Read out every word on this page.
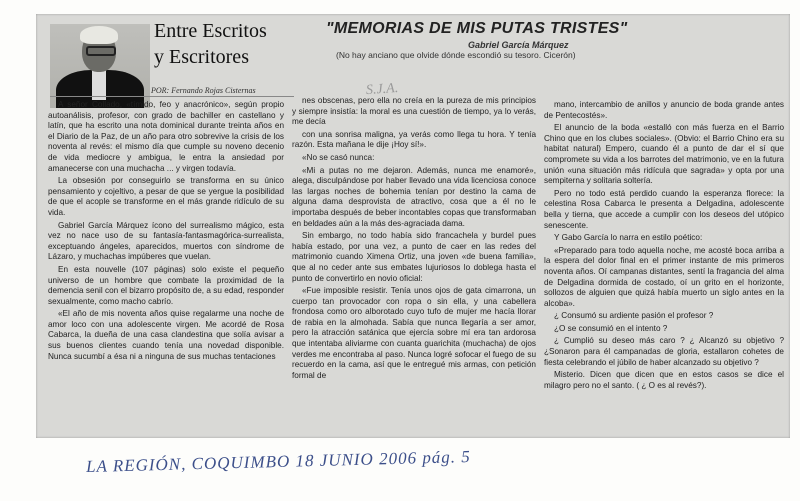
Entre Escritos
y Escritores
POR: Fernando Rojas Cisternas
"MEMORIAS DE MIS PUTAS TRISTES"
Gabriel García Márquez
(No hay anciano que olvide dónde escondió su tesoro. Cicerón)
S.J.A.

A señor Collado, «tímido, feo y anacrónico», según propio autoanálisis, profesor, con grado de bachiller en castellano y latín, que ha escrito una nota dominical durante treinta años en el Diario de la Paz, de un año para otro sobrevive la crisis de los noventa al revés: el mismo día que cumple su noveno decenio de vida mediocre y ambigua, le entra la ansiedad por amanecerse con una muchacha ... y virgen todavía.

La obsesión por conseguirlo se transforma en su único pensamiento y cojeltivo, a pesar de que se yergue la posibilidad de que el acople se transforme en el más grande ridículo de su vida.

Gabriel García Márquez ícono del surrealismo mágico, esta vez no nace uso de su fantasía-fantasmagórica-surrealista, exceptuando ángeles, aparecidos, muertos con síndrome de Lázaro, y muchachas impúberes que vuelan.

En esta nouvelle (107 páginas) solo existe el pequeño universo de un hombre que combate la proximidad de la demencia senil con el bizarro propósito de, a su edad, responder sexualmente, como macho cabrío.

«El año de mis noventa años quise regalarme una noche de amor loco con una adolescente virgen. Me acordé de Rosa Cabarca, la dueña de una casa clandestina que solía avisar a sus buenos clientes cuando tenía una novedad disponible. Nunca sucumbí a ésa ni a ninguna de sus muchas tentaciones

nes obscenas, pero ella no creía en la pureza de mis principios y siempre insistía: la moral es una cuestión de tiempo, ya lo verás, me decía

con una sonrisa maligna, ya verás como llega tu hora. Y tenía razón. Esta mañana le dije ¡Hoy sí!».

«No se casó nunca:

«Mi a putas no me dejaron. Además, nunca me enamoré», alega, disculpándose por haber llevado una vida licenciosa conoce las largas noches de bohemia tenían por destino la cama de alguna dama desprovista de atractivo, cosa que a él no le importaba después de beber incontables copas que transformaban en beldades aún a la más des-agraciada dama.

Sin embargo, no todo había sido francachela y burdel pues había estado, por una vez, a punto de caer en las redes del matrimonio cuando Ximena Ortiz, una joven «de buena familia», que al no ceder ante sus embates lujuriosos lo doblega hasta el punto de convertirlo en novio oficial:

«Fue imposible resistir. Tenía unos ojos de gata cimarrona, un cuerpo tan provocador con ropa o sin ella, y una cabellera frondosa como oro alborotado cuyo tufo de mujer me hacía llorar de rabia en la almohada. Sabía que nunca llegaría a ser amor, pero la atracción satánica que ejercía sobre mí era tan ardorosa que intentaba aliviarme con cuanta guarichita (muchacha) de ojos verdes me encontraba al paso. Nunca logré sofocar el fuego de su recuerdo en la cama, así que le entregué mis armas, con petición formal de

mano, intercambio de anillos y anuncio de boda grande antes de Pentecostés».

El anuncio de la boda «estalló con más fuerza en el Barrio Chino que en los clubes sociales». (Obvio: el Barrio Chino era su habitat natural) Empero, cuando él a punto de dar el sí que compromete su vida a los barrotes del matrimonio, ve en la futura unión «una situación más ridícula que sagrada» y opta por una sempiterna y solitaria soltería.

Pero no todo está perdido cuando la esperanza florece: la celestina Rosa Cabarca le presenta a Delgadina, adolescente bella y tierna, que accede a cumplir con los deseos del utópico senescente.

Y Gabo García lo narra en estilo poético:

«Preparado para todo aquella noche, me acosté boca arriba a la espera del dolor final en el primer instante de mis primeros noventa años. Oí campanas distantes, sentí la fragancia del alma de Delgadina dormida de costado, oí un grito en el horizonte, sollozos de alguien que quizá había muerto un siglo antes en la alcoba».

¿ Consumó su ardiente pasión el profesor ?

¿O se consumió en el intento ?

¿ Cumplió su deseo más caro ? ¿ Alcanzó su objetivo ? ¿Sonaron para él campanadas de gloria, estallaron cohetes de fiesta celebrando el júbilo de haber alcanzado su objetivo ?

Misterio. Dicen que dicen que en estos casos se dice el milagro pero no el santo. ( ¿ O es al revés?).

LA REGIÓN, COQUIMBO 18 JUNIO 2006 pág. 5
